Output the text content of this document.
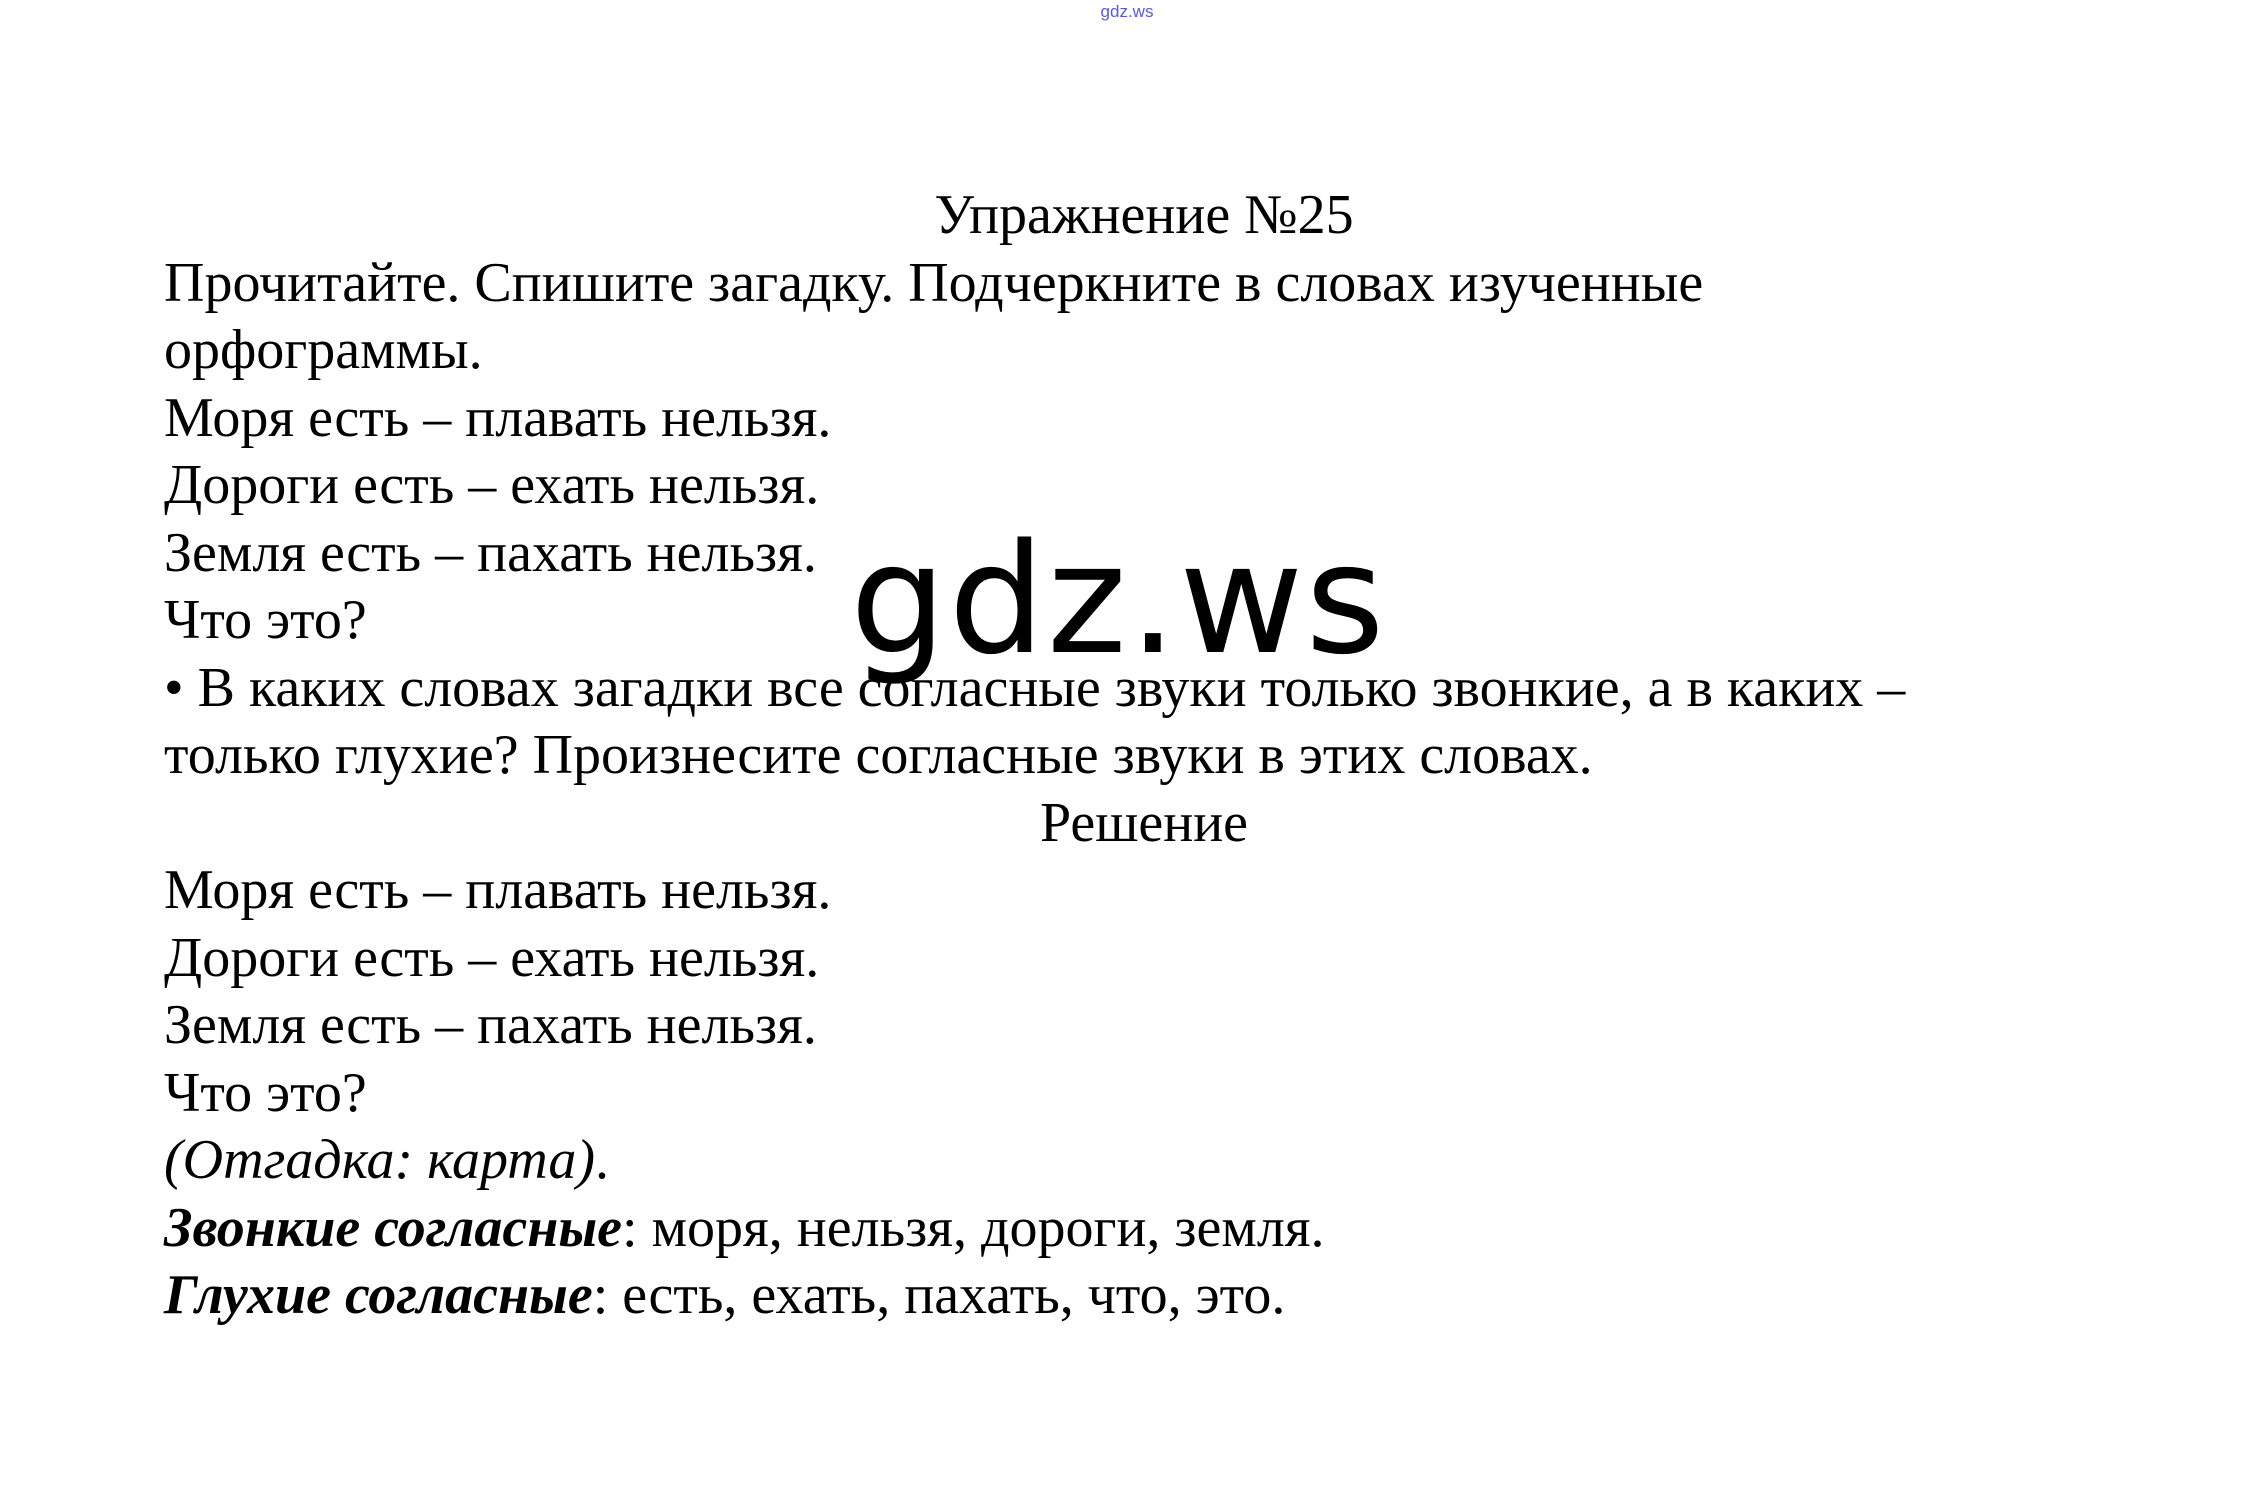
gdz.ws
Упражнение №25
Прочитайте. Спишите загадку. Подчеркните в словах изученные
орфограммы.
Моря есть – плавать нельзя.
Дороги есть – ехать нельзя.
Земля есть – пахать нельзя.
Что это?
• В каких словах загадки все согласные звуки только звонкие, а в каких –
только глухие? Произнесите согласные звуки в этих словах.
Решение
Моря есть – плавать нельзя.
Дороги есть – ехать нельзя.
Земля есть – пахать нельзя.
Что это?
(Отгадка: карта).
Звонкие согласные: моря, нельзя, дороги, земля.
Глухие согласные: есть, ехать, пахать, что, это.
gdz.ws
